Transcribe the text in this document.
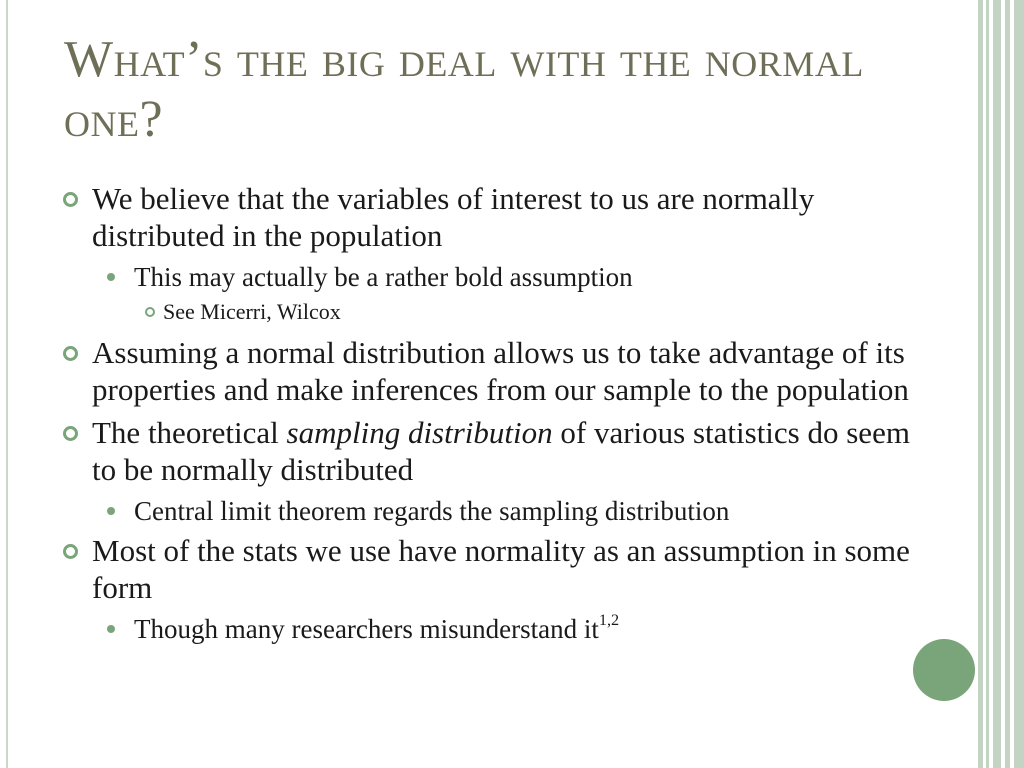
What’s the big deal with the normal one?
We believe that the variables of interest to us are normally distributed in the population
This may actually be a rather bold assumption
See Micerri, Wilcox
Assuming a normal distribution allows us to take advantage of its properties and make inferences from our sample to the population
The theoretical sampling distribution of various statistics do seem to be normally distributed
Central limit theorem regards the sampling distribution
Most of the stats we use have normality as an assumption in some form
Though many researchers misunderstand it$^{1,2}$
